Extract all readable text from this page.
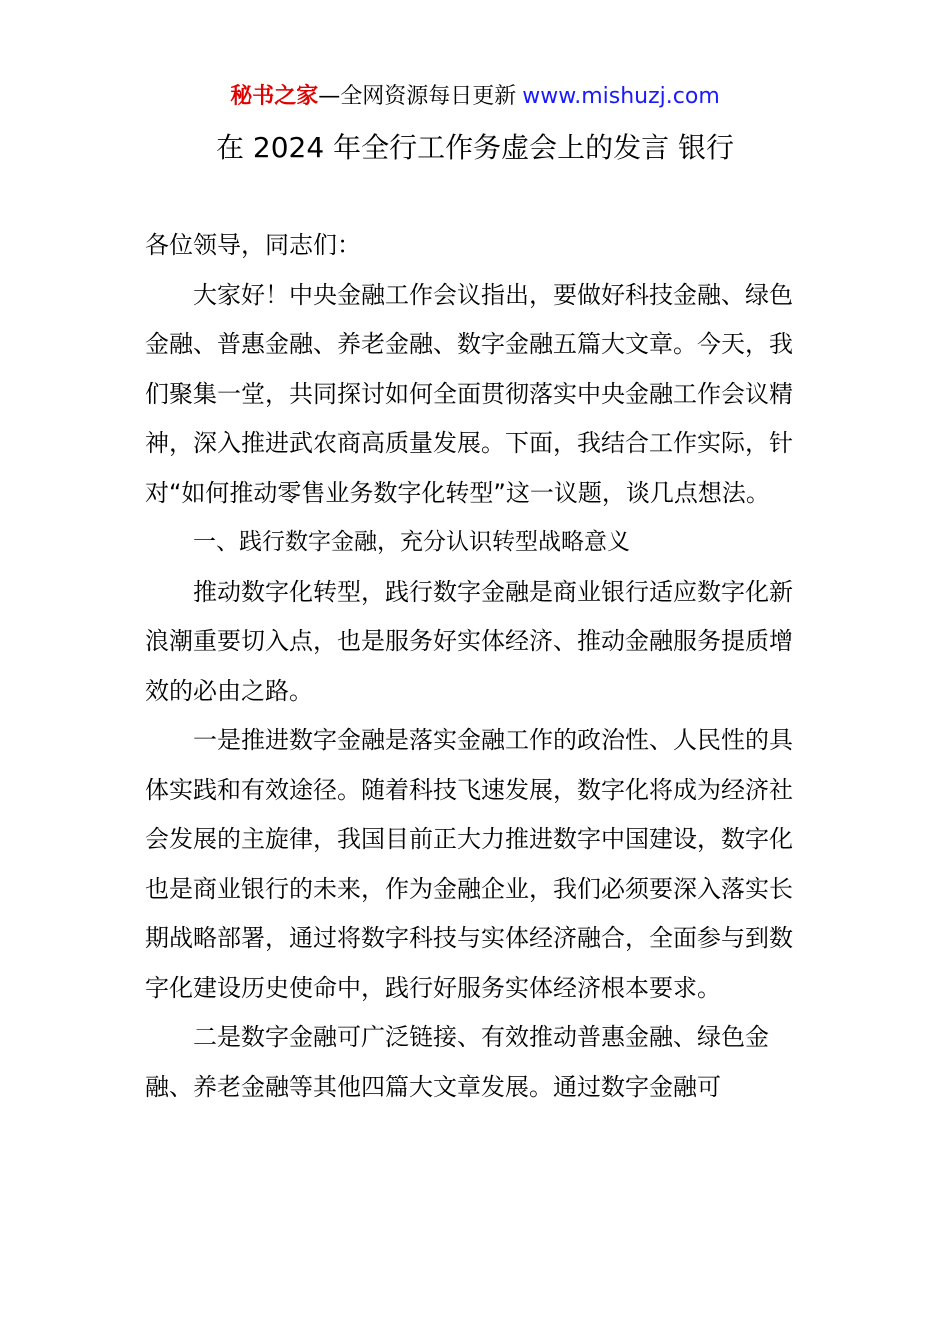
秘书之家—全网资源每日更新 www.mishuzj.com
在 2024 年全行工作务虚会上的发言 银行

各位领导，同志们：

大家好！中央金融工作会议指出，要做好科技金融、绿色金融、普惠金融、养老金融、数字金融五篇大文章。今天，我们聚集一堂，共同探讨如何全面贯彻落实中央金融工作会议精神，深入推进武农商高质量发展。下面，我结合工作实际，针对“如何推动零售业务数字化转型”这一议题，谈几点想法。

一、践行数字金融，充分认识转型战略意义

推动数字化转型，践行数字金融是商业银行适应数字化新浪潮重要切入点，也是服务好实体经济、推动金融服务提质增效的必由之路。

一是推进数字金融是落实金融工作的政治性、人民性的具体实践和有效途径。随着科技飞速发展，数字化将成为经济社会发展的主旋律，我国目前正大力推进数字中国建设，数字化也是商业银行的未来，作为金融企业，我们必须要深入落实长期战略部署，通过将数字科技与实体经济融合，全面参与到数字化建设历史使命中，践行好服务实体经济根本要求。

二是数字金融可广泛链接、有效推动普惠金融、绿色金融、养老金融等其他四篇大文章发展。通过数字金融可
